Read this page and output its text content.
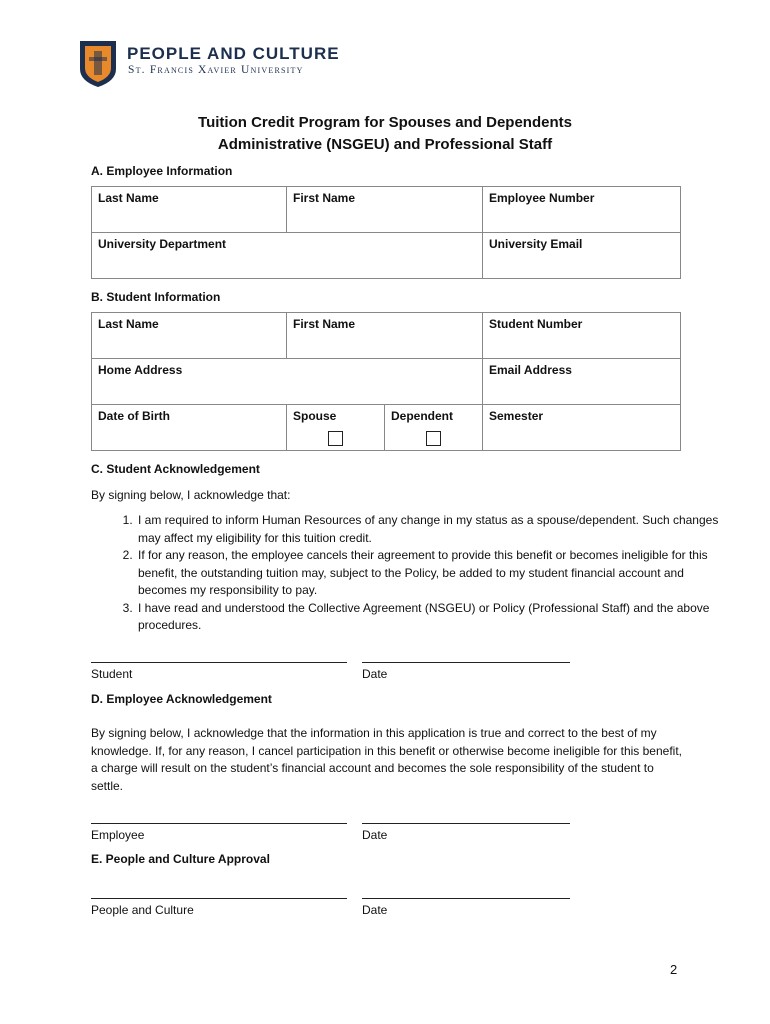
PEOPLE AND CULTURE
St. Francis Xavier University
Tuition Credit Program for Spouses and Dependents
Administrative (NSGEU) and Professional Staff
A. Employee Information
Last Name	First Name	Employee Number
University Department		University Email
B. Student Information
Last Name	First Name		Student Number
Home Address			Email Address
Date of Birth	Spouse	Dependent	Semester
C. Student Acknowledgement
By signing below, I acknowledge that:
1. I am required to inform Human Resources of any change in my status as a spouse/dependent. Such changes may affect my eligibility for this tuition credit.
2. If for any reason, the employee cancels their agreement to provide this benefit or becomes ineligible for this benefit, the outstanding tuition may, subject to the Policy, be added to my student financial account and becomes my responsibility to pay.
3. I have read and understood the Collective Agreement (NSGEU) or Policy (Professional Staff) and the above procedures.
Student	Date
D. Employee Acknowledgement
By signing below, I acknowledge that the information in this application is true and correct to the best of my knowledge. If, for any reason, I cancel participation in this benefit or otherwise become ineligible for this benefit, a charge will result on the student’s financial account and becomes the sole responsibility of the student to settle.
Employee	Date
E. People and Culture Approval
People and Culture	Date
2
